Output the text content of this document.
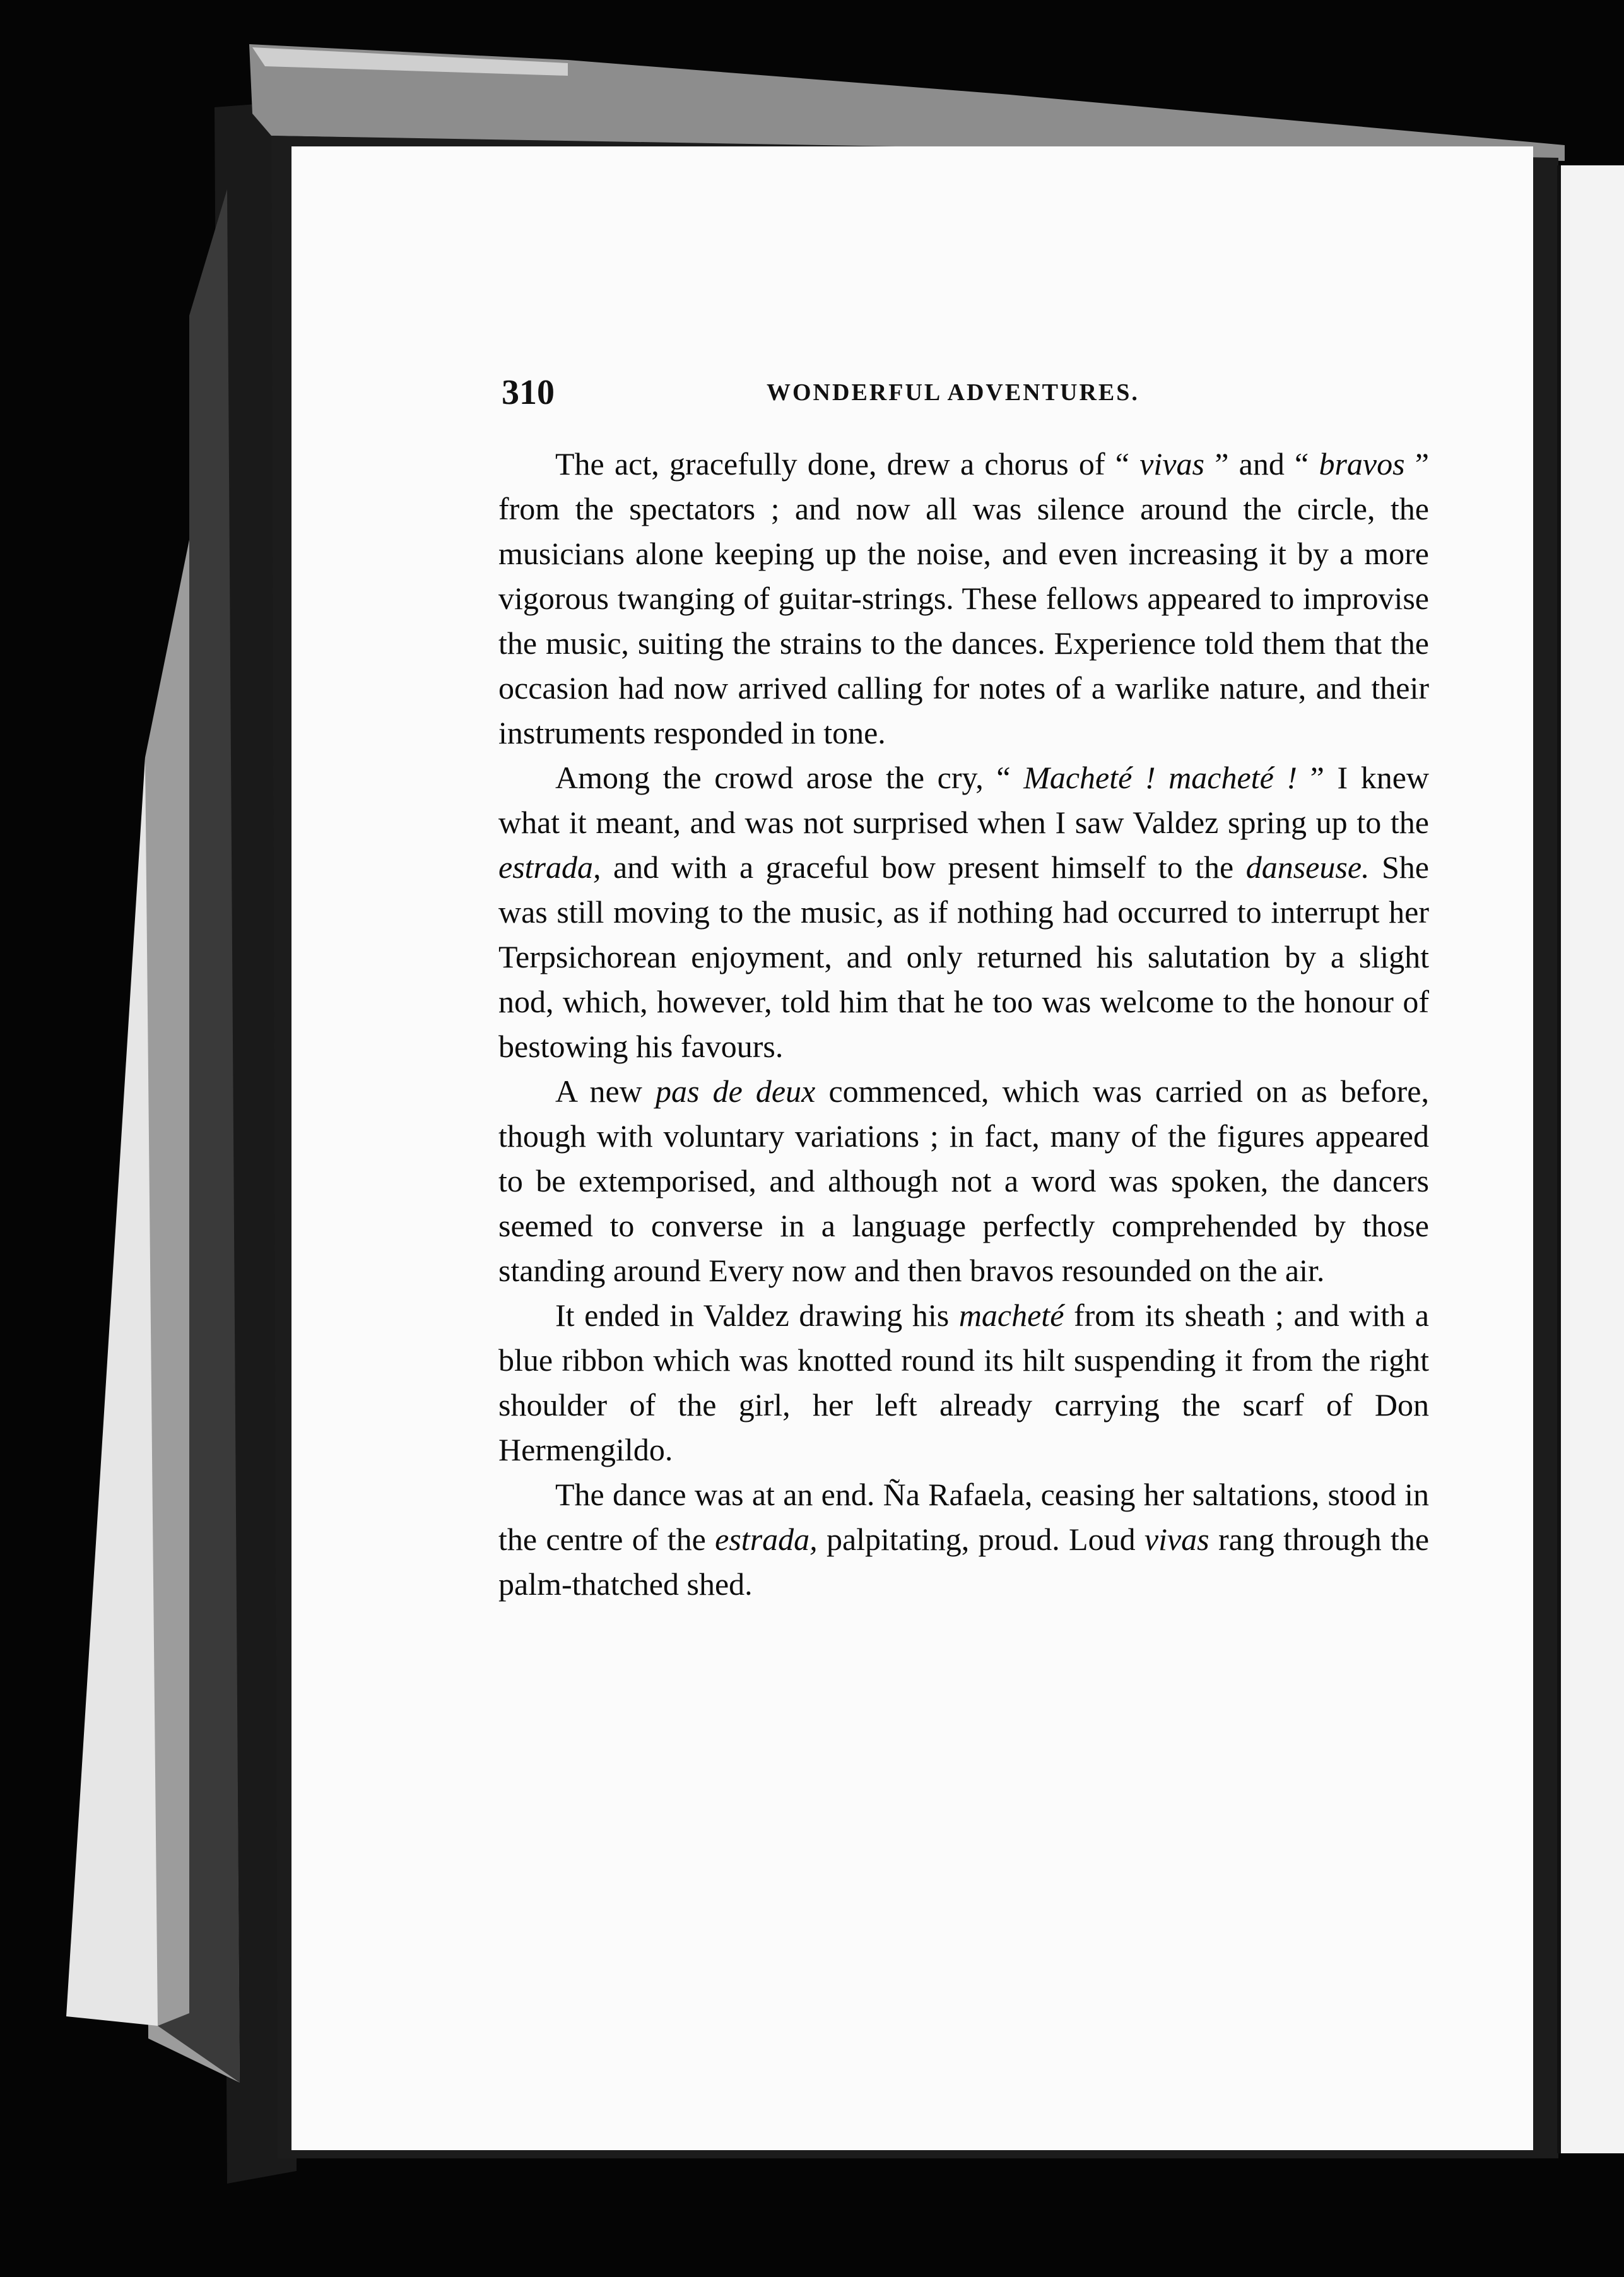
310	WONDERFUL ADVENTURES.

The act, gracefully done, drew a chorus of “ vivas ” and “ bravos ” from the spectators ; and now all was silence around the circle, the musicians alone keeping up the noise, and even increasing it by a more vigorous twanging of guitar-strings. These fellows appeared to improvise the music, suiting the strains to the dances. Experience told them that the occasion had now arrived calling for notes of a warlike nature, and their instruments responded in tone.

Among the crowd arose the cry, “ Macheté ! macheté ! ” I knew what it meant, and was not surprised when I saw Valdez spring up to the estrada, and with a graceful bow present himself to the danseuse. She was still moving to the music, as if nothing had occurred to interrupt her Terpsichorean enjoyment, and only returned his salutation by a slight nod, which, however, told him that he too was welcome to the honour of bestowing his favours.

A new pas de deux commenced, which was carried on as before, though with voluntary variations ; in fact, many of the figures appeared to be extemporised, and although not a word was spoken, the dancers seemed to converse in a language perfectly comprehended by those standing around Every now and then bravos resounded on the air.

It ended in Valdez drawing his macheté from its sheath ; and with a blue ribbon which was knotted round its hilt suspending it from the right shoulder of the girl, her left already carrying the scarf of Don Hermengildo.

The dance was at an end. Ña Rafaela, ceasing her saltations, stood in the centre of the estrada, palpitating, proud. Loud vivas rang through the palm-thatched shed.
